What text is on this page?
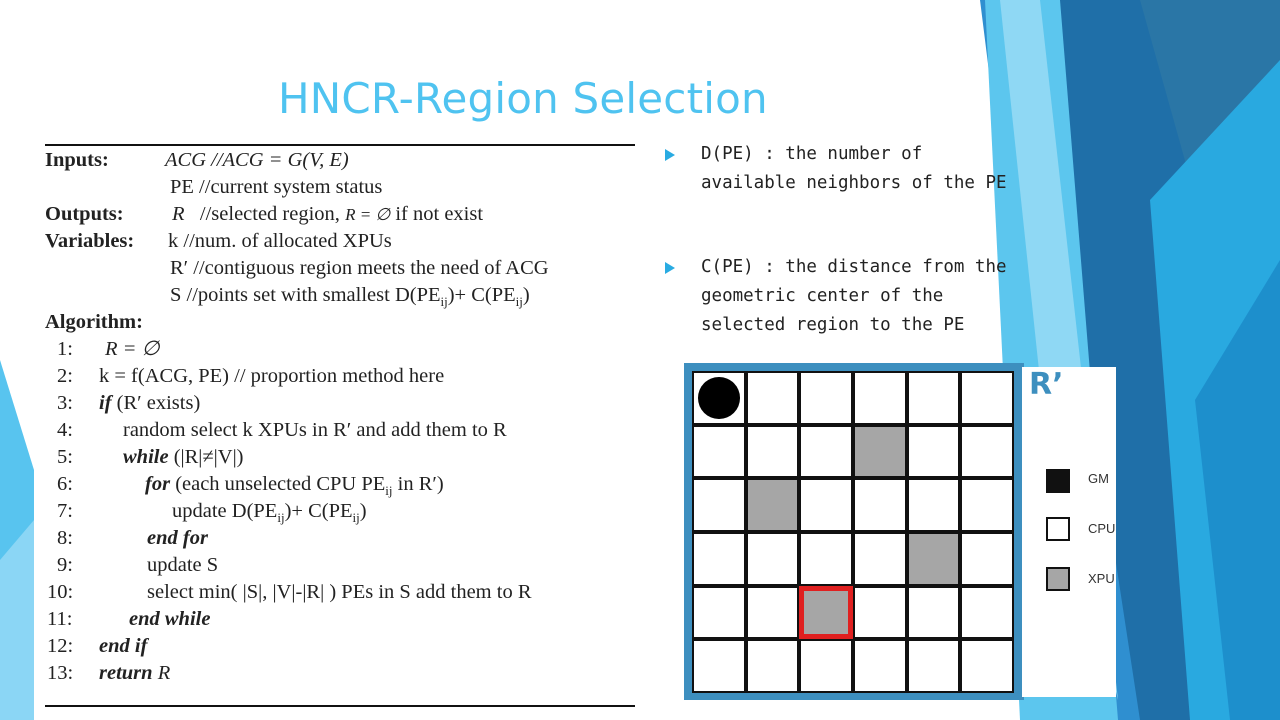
HNCR-Region Selection
Inputs:	ACG //ACG = G(V, E)
PE //current system status
Outputs: R //selected region, R = ∅ if not exist
Variables: k //num. of allocated XPUs
R′ //contiguous region meets the need of ACG
S //points set with smallest $D(PE_{ij})+ C(PE_{ij})$
Algorithm:
1: R = ∅
2: k = f(ACG, PE) // proportion method here
3: if (R′ exists)
4: random select k XPUs in R′ and add them to R
5: while (|R|≠|V|)
6:	for (each unselected CPU $PE_{ij}$ in R′)
7:	update $D(PE_{ij})+ C(PE_{ij})$
8:	end for
9:	update S
10:	select min( |S|, |V|-|R| ) PEs in S add them to R
11:	end while
12: end if
13: return R
D(PE) : the number of available neighbors of the PE
C(PE) : the distance from the geometric center of the selected region to the PE
R’
GM
CPU
XPU
